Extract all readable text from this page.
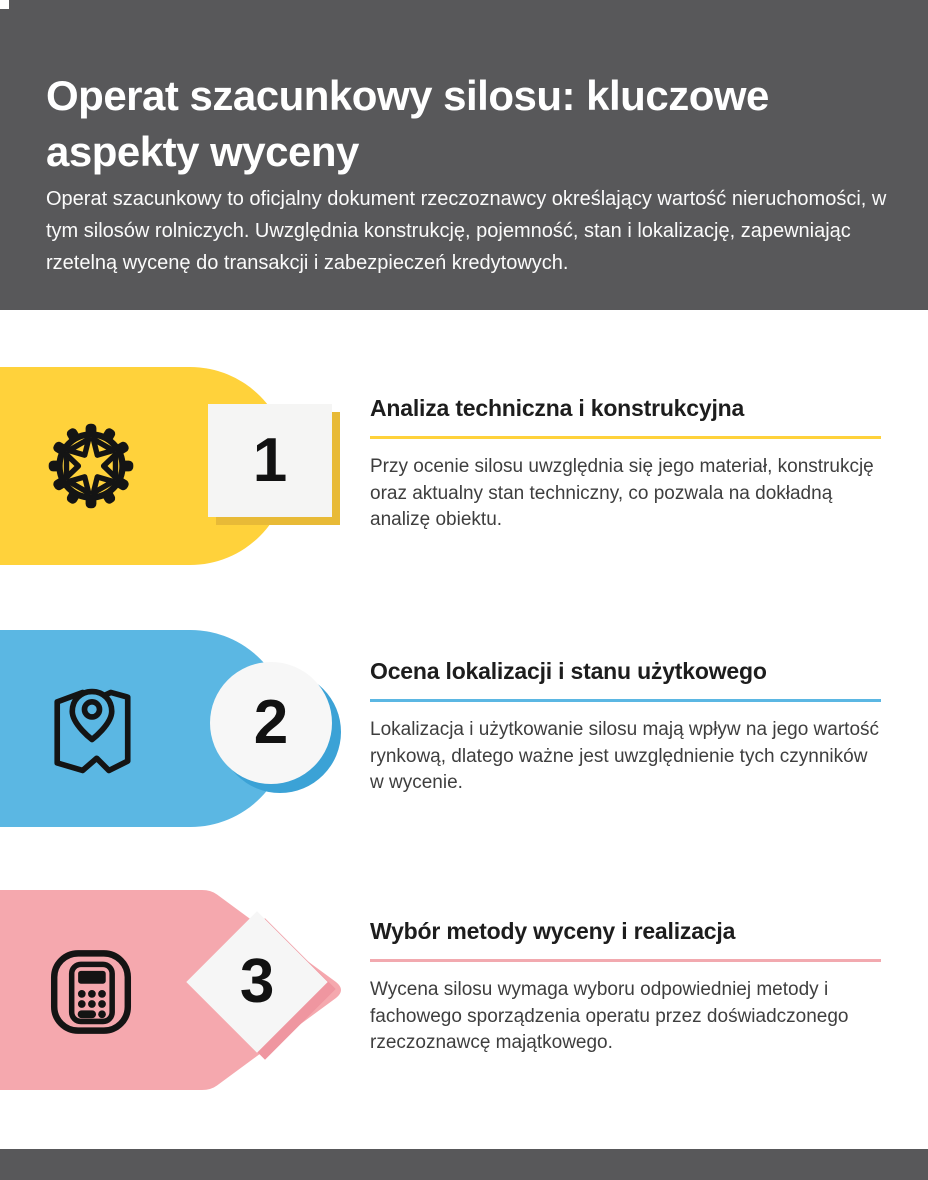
Operat szacunkowy silosu: kluczowe aspekty wyceny

Operat szacunkowy to oficjalny dokument rzeczoznawcy określający wartość nieruchomości, w tym silosów rolniczych. Uwzględnia konstrukcję, pojemność, stan i lokalizację, zapewniając rzetelną wycenę do transakcji i zabezpieczeń kredytowych.

1
Analiza techniczna i konstrukcyjna

Przy ocenie silosu uwzględnia się jego materiał, konstrukcję oraz aktualny stan techniczny, co pozwala na dokładną analizę obiektu.

2
Ocena lokalizacji i stanu użytkowego

Lokalizacja i użytkowanie silosu mają wpływ na jego wartość rynkową, dlatego ważne jest uwzględnienie tych czynników w wycenie.

3
Wybór metody wyceny i realizacja

Wycena silosu wymaga wyboru odpowiedniej metody i fachowego sporządzenia operatu przez doświadczonego rzeczoznawcę majątkowego.
